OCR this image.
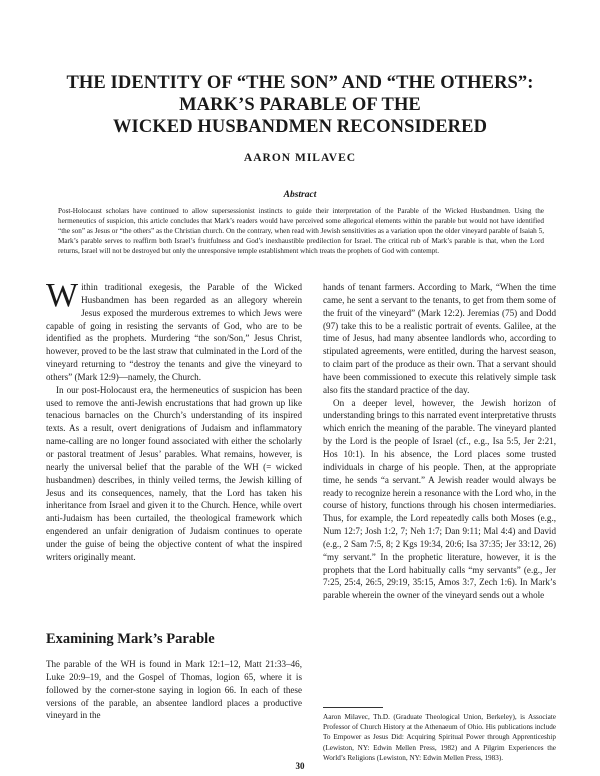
THE IDENTITY OF “THE SON” AND “THE OTHERS”:
MARK’S PARABLE OF THE
WICKED HUSBANDMEN RECONSIDERED
AARON MILAVEC
Abstract
Post-Holocaust scholars have continued to allow supersessionist instincts to guide their interpretation of the Parable of the Wicked Husbandmen. Using the hermeneutics of suspicion, this article concludes that Mark’s readers would have perceived some allegorical elements within the parable but would not have identified “the son” as Jesus or “the others” as the Christian church. On the contrary, when read with Jewish sensitivities as a variation upon the older vineyard parable of Isaiah 5, Mark’s parable serves to reaffirm both Israel’s fruitfulness and God’s inexhaustible predilection for Israel. The critical rub of Mark’s parable is that, when the Lord returns, Israel will not be destroyed but only the unresponsive temple establishment which treats the prophets of God with contempt.

Within traditional exegesis, the Parable of the Wicked Husbandmen has been regarded as an allegory wherein Jesus exposed the murderous extremes to which Jews were capable of going in resisting the servants of God, who are to be identified as the prophets. Murdering “the son/Son,” Jesus Christ, however, proved to be the last straw that culminated in the Lord of the vineyard returning to “destroy the tenants and give the vineyard to others” (Mark 12:9)—namely, the Church.

In our post-Holocaust era, the hermeneutics of suspicion has been used to remove the anti-Jewish encrustations that had grown up like tenacious barnacles on the Church’s understanding of its inspired texts. As a result, overt denigrations of Judaism and inflammatory name-calling are no longer found associated with either the scholarly or pastoral treatment of Jesus’ parables. What remains, however, is nearly the universal belief that the parable of the WH (= wicked husbandmen) describes, in thinly veiled terms, the Jewish killing of Jesus and its consequences, namely, that the Lord has taken his inheritance from Israel and given it to the Church. Hence, while overt anti-Judaism has been curtailed, the theological framework which engendered an unfair denigration of Judaism continues to operate under the guise of being the objective content of what the inspired writers originally meant.

Examining Mark’s Parable

The parable of the WH is found in Mark 12:1–12, Matt 21:33–46, Luke 20:9–19, and the Gospel of Thomas, logion 65, where it is followed by the corner-stone saying in logion 66. In each of these versions of the parable, an absentee landlord places a productive vineyard in the

hands of tenant farmers. According to Mark, “When the time came, he sent a servant to the tenants, to get from them some of the fruit of the vineyard” (Mark 12:2). Jeremias (75) and Dodd (97) take this to be a realistic portrait of events. Galilee, at the time of Jesus, had many absentee landlords who, according to stipulated agreements, were entitled, during the harvest season, to claim part of the produce as their own. That a servant should have been commissioned to execute this relatively simple task also fits the standard practice of the day.

On a deeper level, however, the Jewish horizon of understanding brings to this narrated event interpretative thrusts which enrich the meaning of the parable. The vineyard planted by the Lord is the people of Israel (cf., e.g., Isa 5:5, Jer 2:21, Hos 10:1). In his absence, the Lord places some trusted individuals in charge of his people. Then, at the appropriate time, he sends “a servant.” A Jewish reader would always be ready to recognize herein a resonance with the Lord who, in the course of history, functions through his chosen intermediaries. Thus, for example, the Lord repeatedly calls both Moses (e.g., Num 12:7; Josh 1:2, 7; Neh 1:7; Dan 9:11; Mal 4:4) and David (e.g., 2 Sam 7:5, 8; 2 Kgs 19:34, 20:6; Isa 37:35; Jer 33:12, 26) “my servant.” In the prophetic literature, however, it is the prophets that the Lord habitually calls “my servants” (e.g., Jer 7:25, 25:4, 26:5, 29:19, 35:15, Amos 3:7, Zech 1:6). In Mark’s parable wherein the owner of the vineyard sends out a whole

Aaron Milavec, Th.D. (Graduate Theological Union, Berkeley), is Associate Professor of Church History at the Athenaeum of Ohio. His publications include To Empower as Jesus Did: Acquiring Spiritual Power through Apprenticeship (Lewiston, NY: Edwin Mellen Press, 1982) and A Pilgrim Experiences the World’s Religions (Lewiston, NY: Edwin Mellen Press, 1983).
30
